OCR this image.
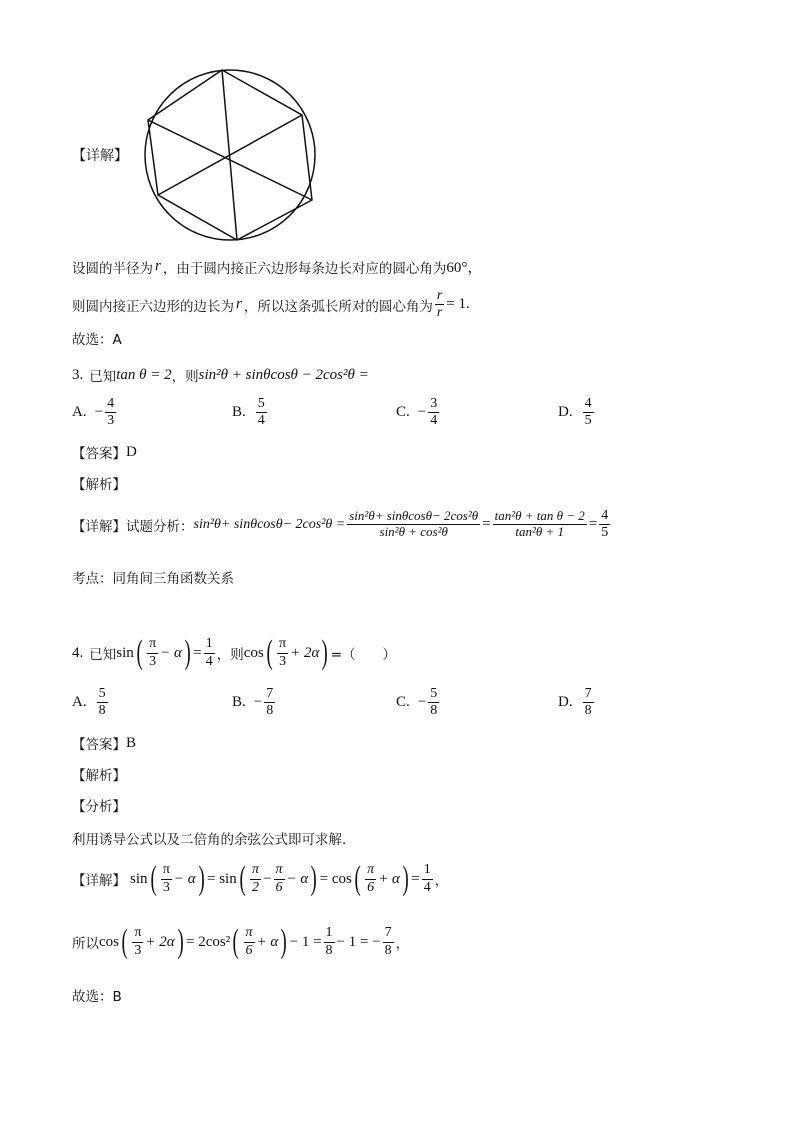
【详解】
设圆的半径为 r ，由于圆内接正六边形每条边长对应的圆心角为 60°，
则圆内接正六边形的边长为 r ，所以这条弧长所对的圆心角为 $\frac{r}{r} = 1$.
故选：A
3. 已知 tan θ = 2 ，则 sin²θ + sinθcosθ − 2cos²θ =
A. − $\frac{4}{3}$	B. $\frac{5}{4}$	C. − $\frac{3}{4}$	D. $\frac{4}{5}$
【答案】 D
【解析】
【详解】 试题分析： $\sin^2\theta+ \sin\theta\cos\theta- 2\cos^2\theta = \frac{\text{sin²θ+ sinθcosθ− 2cos²θ}}{\text{sin²θ + cos²θ}} = \frac{\text{tan²θ + tan θ − 2}}{\text{tan²θ + 1}} = \frac{4}{5}$
考点：同角间三角函数关系
4. 已知 sin ( $\frac{\pi}{3} - \alpha$ ) = $\frac{1}{4}$ ，则 cos ( $\frac{\pi}{3} + 2\alpha$ ) =（　　）
A. $\frac{5}{8}$	B. − $\frac{7}{8}$	C. − $\frac{5}{8}$	D. $\frac{7}{8}$
【答案】 B
【解析】
【分析】
利用诱导公式以及二倍角的余弦公式即可求解.
【详解】 sin ( $\frac{\pi}{3} - \alpha$ ) = sin ( $\frac{\pi}{2} - \frac{\pi}{6} - \alpha$ ) = cos ( $\frac{\pi}{6} + \alpha$ ) = $\frac{1}{4}$ ，
所以 cos ( $\frac{\pi}{3} + 2\alpha$ ) = 2cos² ( $\frac{\pi}{6} + \alpha$ ) − $1 = \frac{1}{8} - 1$ = − $\frac{7}{8}$ ，
故选：B
